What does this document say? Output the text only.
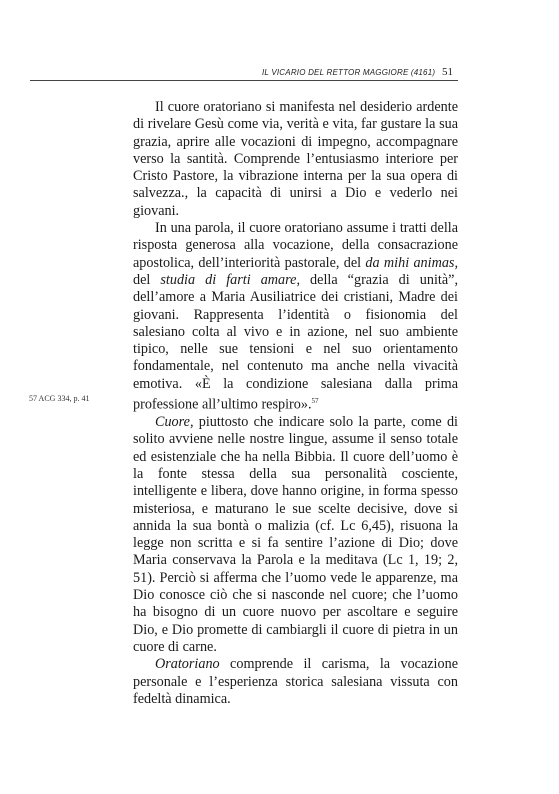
IL VICARIO DEL RETTOR MAGGIORE (4161) 51
57 ACG 334, p. 41

Il cuore oratoriano si manifesta nel desiderio ardente di rivelare Gesù come via, verità e vita, far gustare la sua grazia, aprire alle vocazioni di impegno, accompagnare verso la santità. Comprende l’entusiasmo interiore per Cristo Pastore, la vibrazione interna per la sua opera di salvezza., la capacità di unirsi a Dio e vederlo nei giovani.

In una parola, il cuore oratoriano assume i tratti della risposta generosa alla vocazione, della consacrazione apostolica, dell’interiorità pastorale, del da mihi animas, del studia di farti amare, della “grazia di unità”, dell’amore a Maria Ausiliatrice dei cristiani, Madre dei giovani. Rappresenta l’identità o fisionomia del salesiano colta al vivo e in azione, nel suo ambiente tipico, nelle sue tensioni e nel suo orientamento fondamentale, nel contenuto ma anche nella vivacità emotiva. «È la condizione salesiana dalla prima professione all’ultimo respiro».$^{57}$

Cuore, piuttosto che indicare solo la parte, come di solito avviene nelle nostre lingue, assume il senso totale ed esistenziale che ha nella Bibbia. Il cuore dell’uomo è la fonte stessa della sua personalità cosciente, intelligente e libera, dove hanno origine, in forma spesso misteriosa, e maturano le sue scelte decisive, dove si annida la sua bontà o malizia (cf. Lc 6,45), risuona la legge non scritta e si fa sentire l’azione di Dio; dove Maria conservava la Parola e la meditava (Lc 1, 19; 2, 51). Perciò si afferma che l’uomo vede le apparenze, ma Dio conosce ciò che si nasconde nel cuore; che l’uomo ha bisogno di un cuore nuovo per ascoltare e seguire Dio, e Dio promette di cambiargli il cuore di pietra in un cuore di carne.

Oratoriano comprende il carisma, la vocazione personale e l’esperienza storica salesiana vissuta con fedeltà dinamica.
